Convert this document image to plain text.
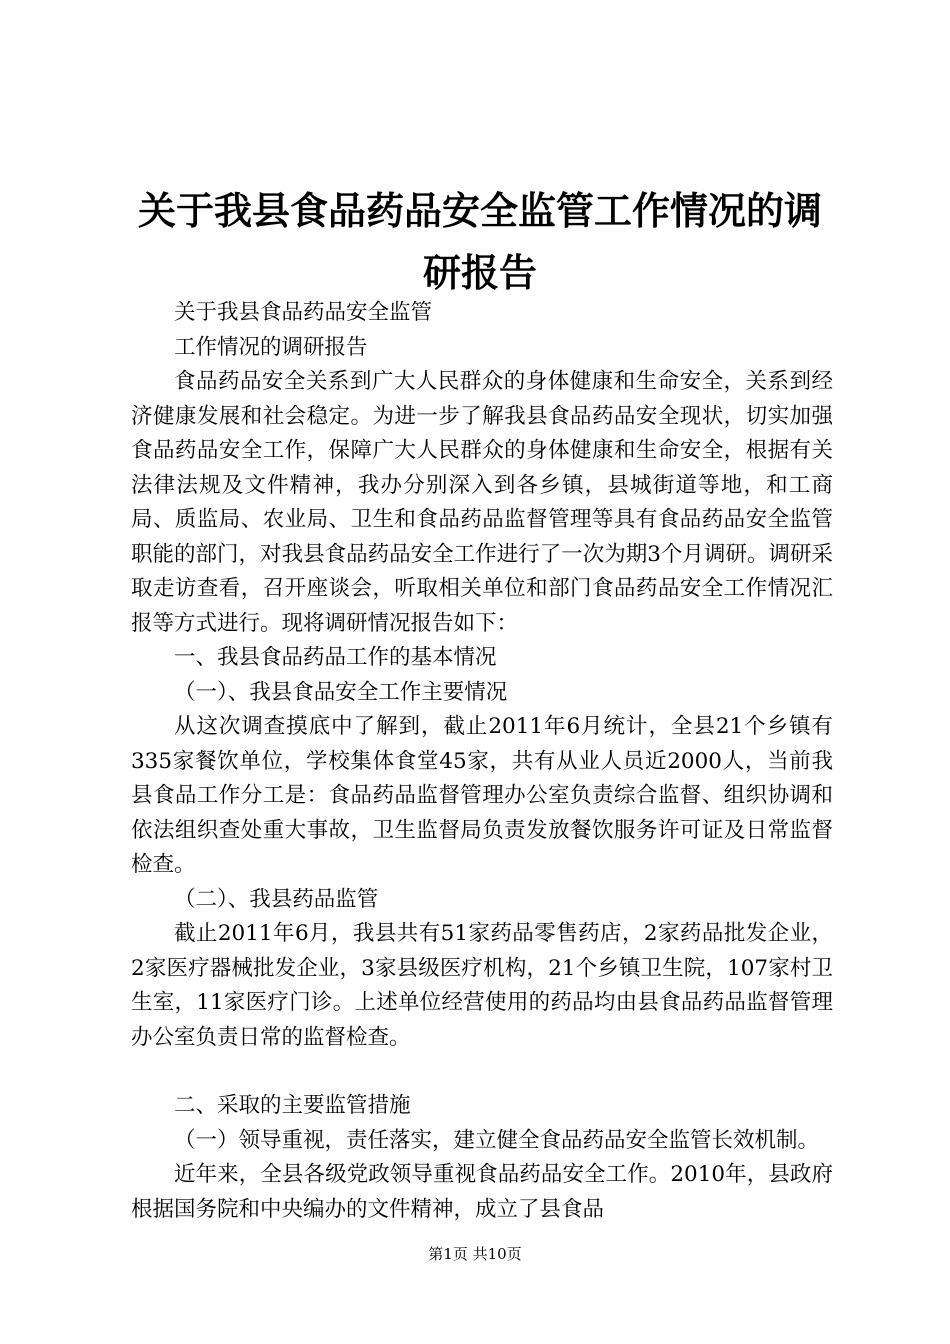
关于我县食品药品安全监管工作情况的调研报告

关于我县食品药品安全监管

工作情况的调研报告

食品药品安全关系到广大人民群众的身体健康和生命安全，关系到经济健康发展和社会稳定。为进一步了解我县食品药品安全现状，切实加强食品药品安全工作，保障广大人民群众的身体健康和生命安全，根据有关法律法规及文件精神，我办分别深入到各乡镇，县城街道等地，和工商局、质监局、农业局、卫生和食品药品监督管理等具有食品药品安全监管职能的部门，对我县食品药品安全工作进行了一次为期3个月调研。调研采取走访查看，召开座谈会，听取相关单位和部门食品药品安全工作情况汇报等方式进行。现将调研情况报告如下：

一、我县食品药品工作的基本情况

（一）、我县食品安全工作主要情况

从这次调查摸底中了解到，截止2011年6月统计，全县21个乡镇有335家餐饮单位，学校集体食堂45家，共有从业人员近2000人，当前我县食品工作分工是：食品药品监督管理办公室负责综合监督、组织协调和依法组织查处重大事故，卫生监督局负责发放餐饮服务许可证及日常监督检查。

（二）、我县药品监管

截止2011年6月，我县共有51家药品零售药店，2家药品批发企业，2家医疗器械批发企业，3家县级医疗机构，21个乡镇卫生院，107家村卫生室，11家医疗门诊。上述单位经营使用的药品均由县食品药品监督管理办公室负责日常的监督检查。

二、采取的主要监管措施

（一）领导重视，责任落实，建立健全食品药品安全监管长效机制。

近年来，全县各级党政领导重视食品药品安全工作。2010年，县政府根据国务院和中央编办的文件精神，成立了县食品

第1页 共10页
